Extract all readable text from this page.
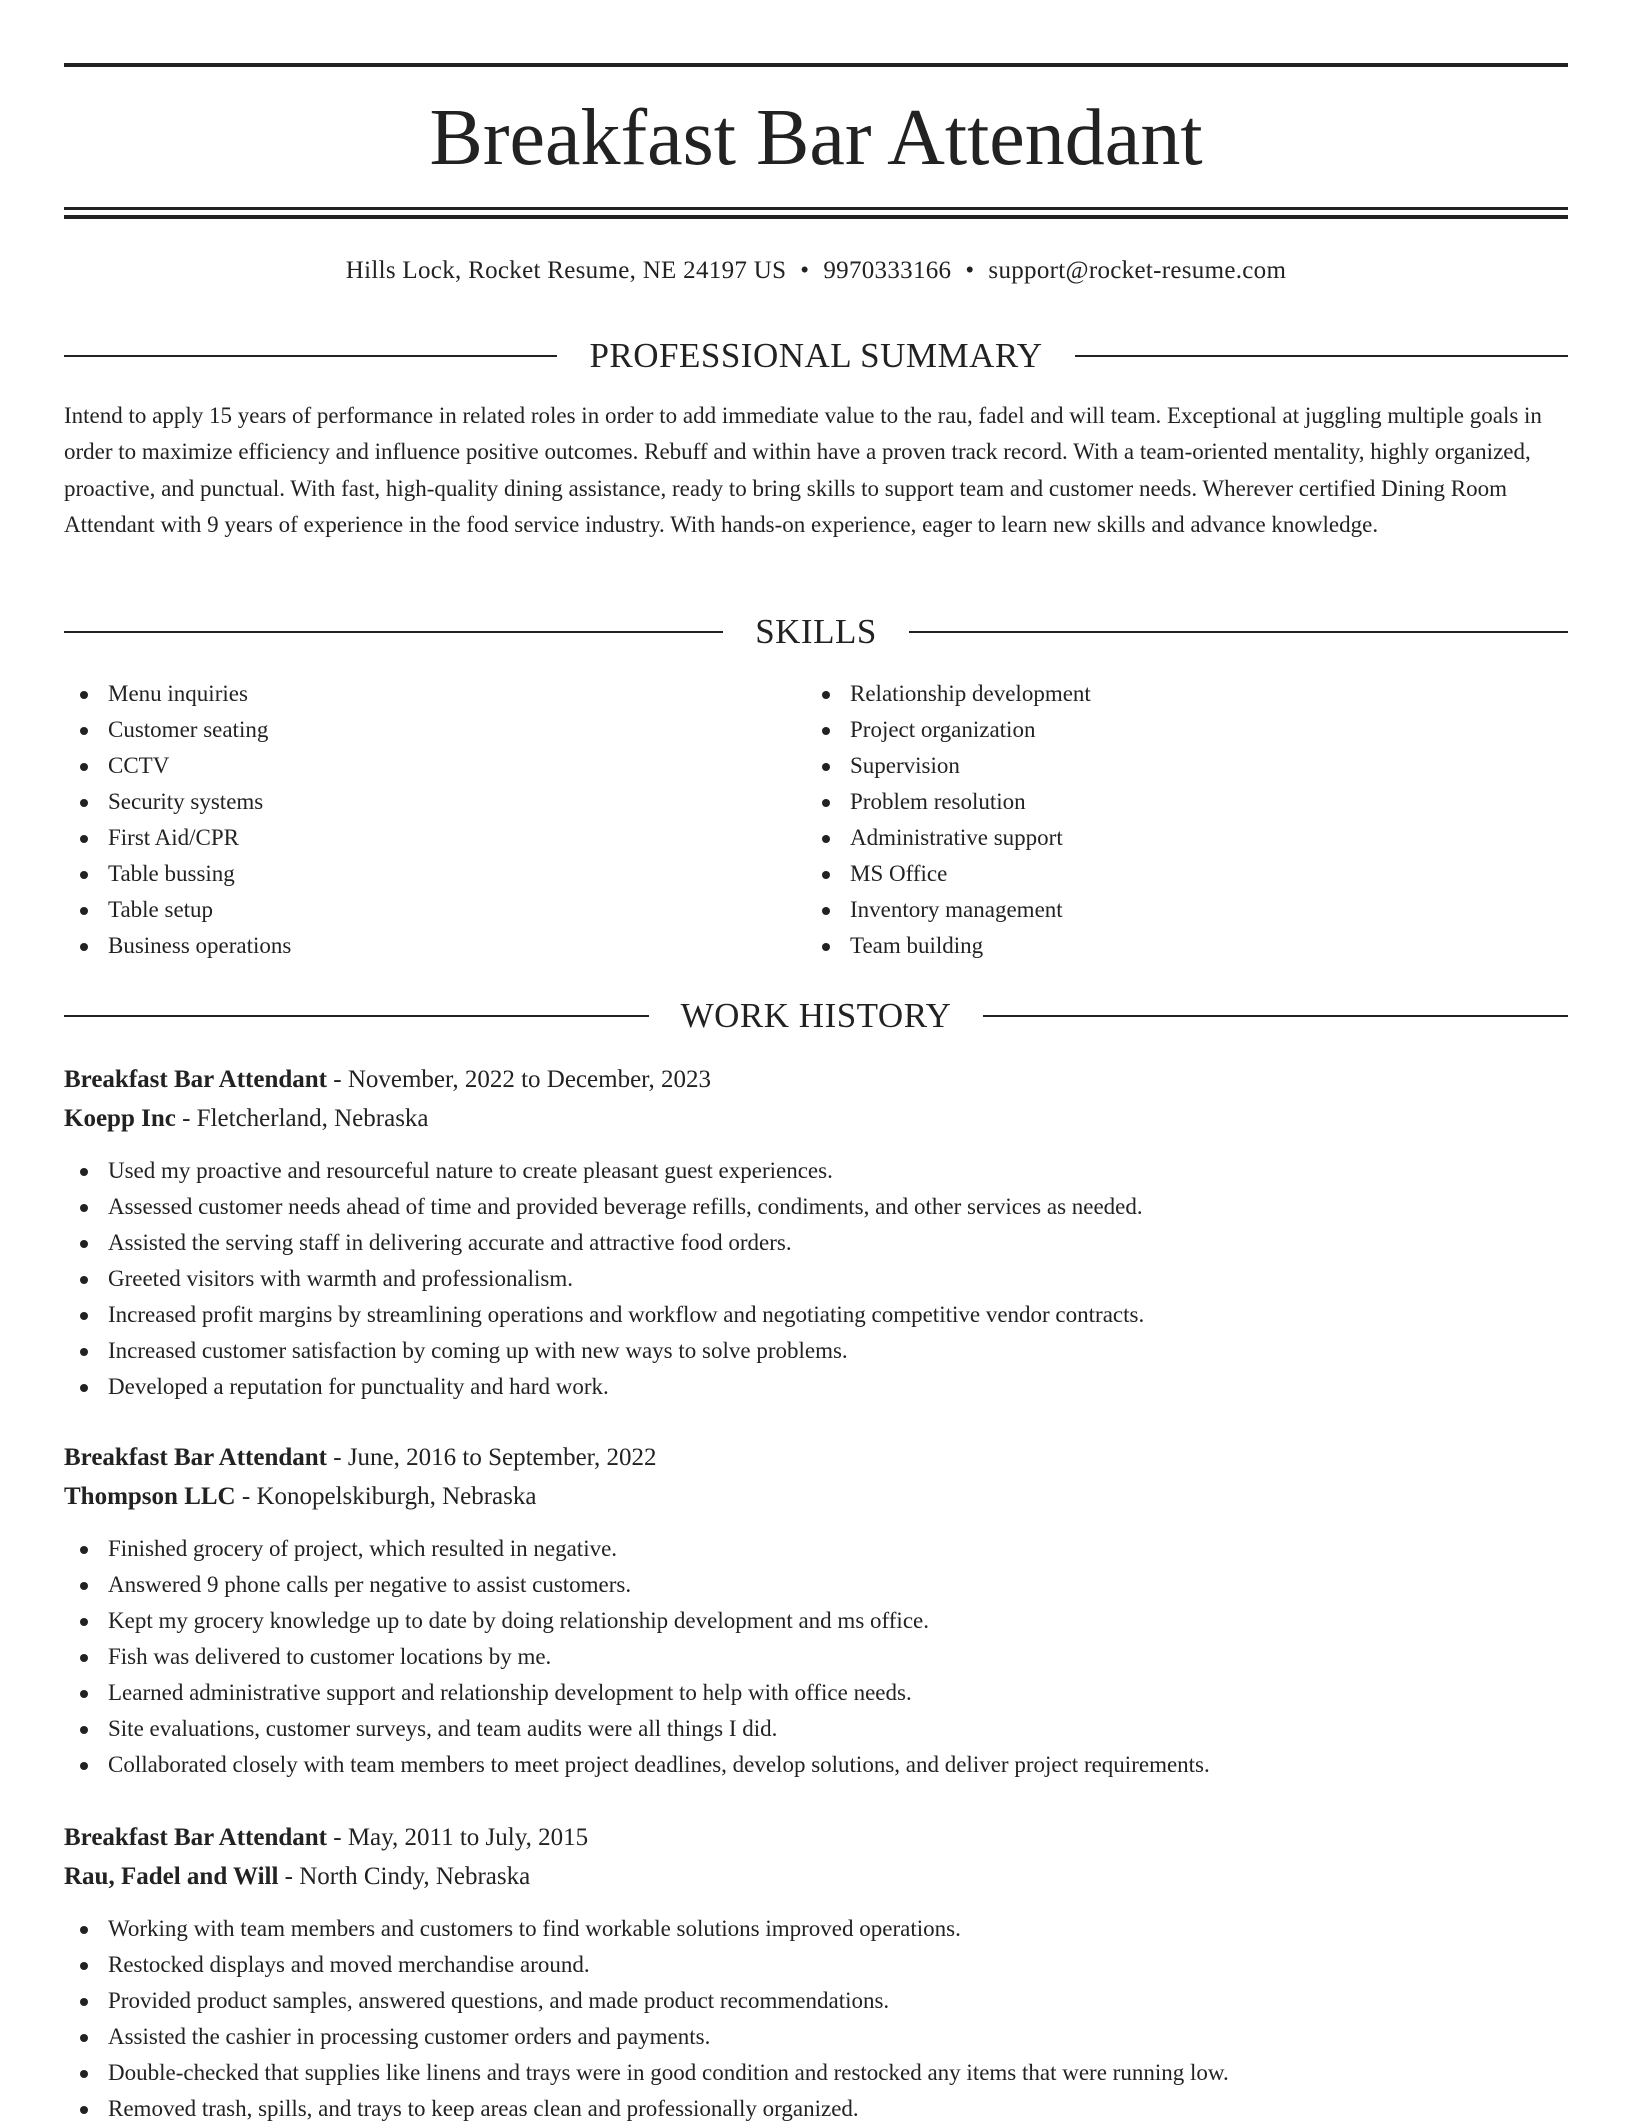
Breakfast Bar Attendant
Hills Lock, Rocket Resume, NE 24197 US • 9970333166 • support@rocket-resume.com
PROFESSIONAL SUMMARY

Intend to apply 15 years of performance in related roles in order to add immediate value to the rau, fadel and will team. Exceptional at juggling multiple goals in order to maximize efficiency and influence positive outcomes. Rebuff and within have a proven track record. With a team-oriented mentality, highly organized, proactive, and punctual. With fast, high-quality dining assistance, ready to bring skills to support team and customer needs. Wherever certified Dining Room Attendant with 9 years of experience in the food service industry. With hands-on experience, eager to learn new skills and advance knowledge.

SKILLS
Menu inquiries
Customer seating
CCTV
Security systems
First Aid/CPR
Table bussing
Table setup
Business operations
Relationship development
Project organization
Supervision
Problem resolution
Administrative support
MS Office
Inventory management
Team building
WORK HISTORY
Breakfast Bar Attendant - November, 2022 to December, 2023
Koepp Inc - Fletcherland, Nebraska
Used my proactive and resourceful nature to create pleasant guest experiences.
Assessed customer needs ahead of time and provided beverage refills, condiments, and other services as needed.
Assisted the serving staff in delivering accurate and attractive food orders.
Greeted visitors with warmth and professionalism.
Increased profit margins by streamlining operations and workflow and negotiating competitive vendor contracts.
Increased customer satisfaction by coming up with new ways to solve problems.
Developed a reputation for punctuality and hard work.
Breakfast Bar Attendant - June, 2016 to September, 2022
Thompson LLC - Konopelskiburgh, Nebraska
Finished grocery of project, which resulted in negative.
Answered 9 phone calls per negative to assist customers.
Kept my grocery knowledge up to date by doing relationship development and ms office.
Fish was delivered to customer locations by me.
Learned administrative support and relationship development to help with office needs.
Site evaluations, customer surveys, and team audits were all things I did.
Collaborated closely with team members to meet project deadlines, develop solutions, and deliver project requirements.
Breakfast Bar Attendant - May, 2011 to July, 2015
Rau, Fadel and Will - North Cindy, Nebraska
Working with team members and customers to find workable solutions improved operations.
Restocked displays and moved merchandise around.
Provided product samples, answered questions, and made product recommendations.
Assisted the cashier in processing customer orders and payments.
Double-checked that supplies like linens and trays were in good condition and restocked any items that were running low.
Removed trash, spills, and trays to keep areas clean and professionally organized.
